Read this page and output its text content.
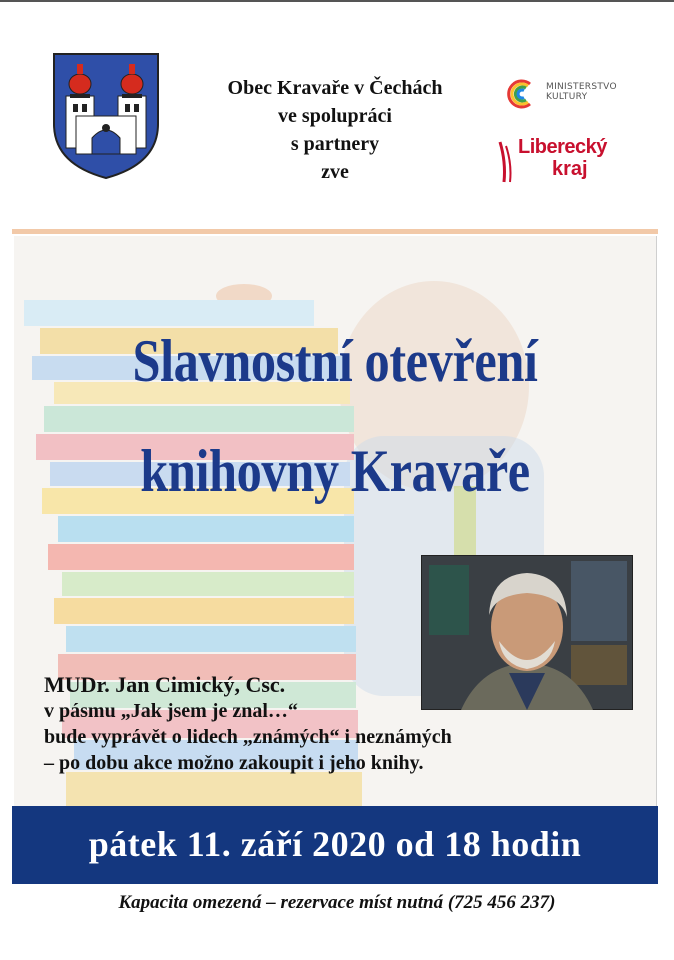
Obec Kravaře v Čechách
ve spolupráci
s partnery
zve
MINISTERSTVO
KULTURY
Liberecký
kraj
Slavnostní otevření
knihovny Kravaře
MUDr. Jan Cimický, Csc.
v pásmu „Jak jsem je znal…“
bude vyprávět o lidech „známých“ i neznámých
– po dobu akce možno zakoupit i jeho knihy.
pátek 11. září 2020 od 18 hodin
Kapacita omezená – rezervace míst nutná (725 456 237)
